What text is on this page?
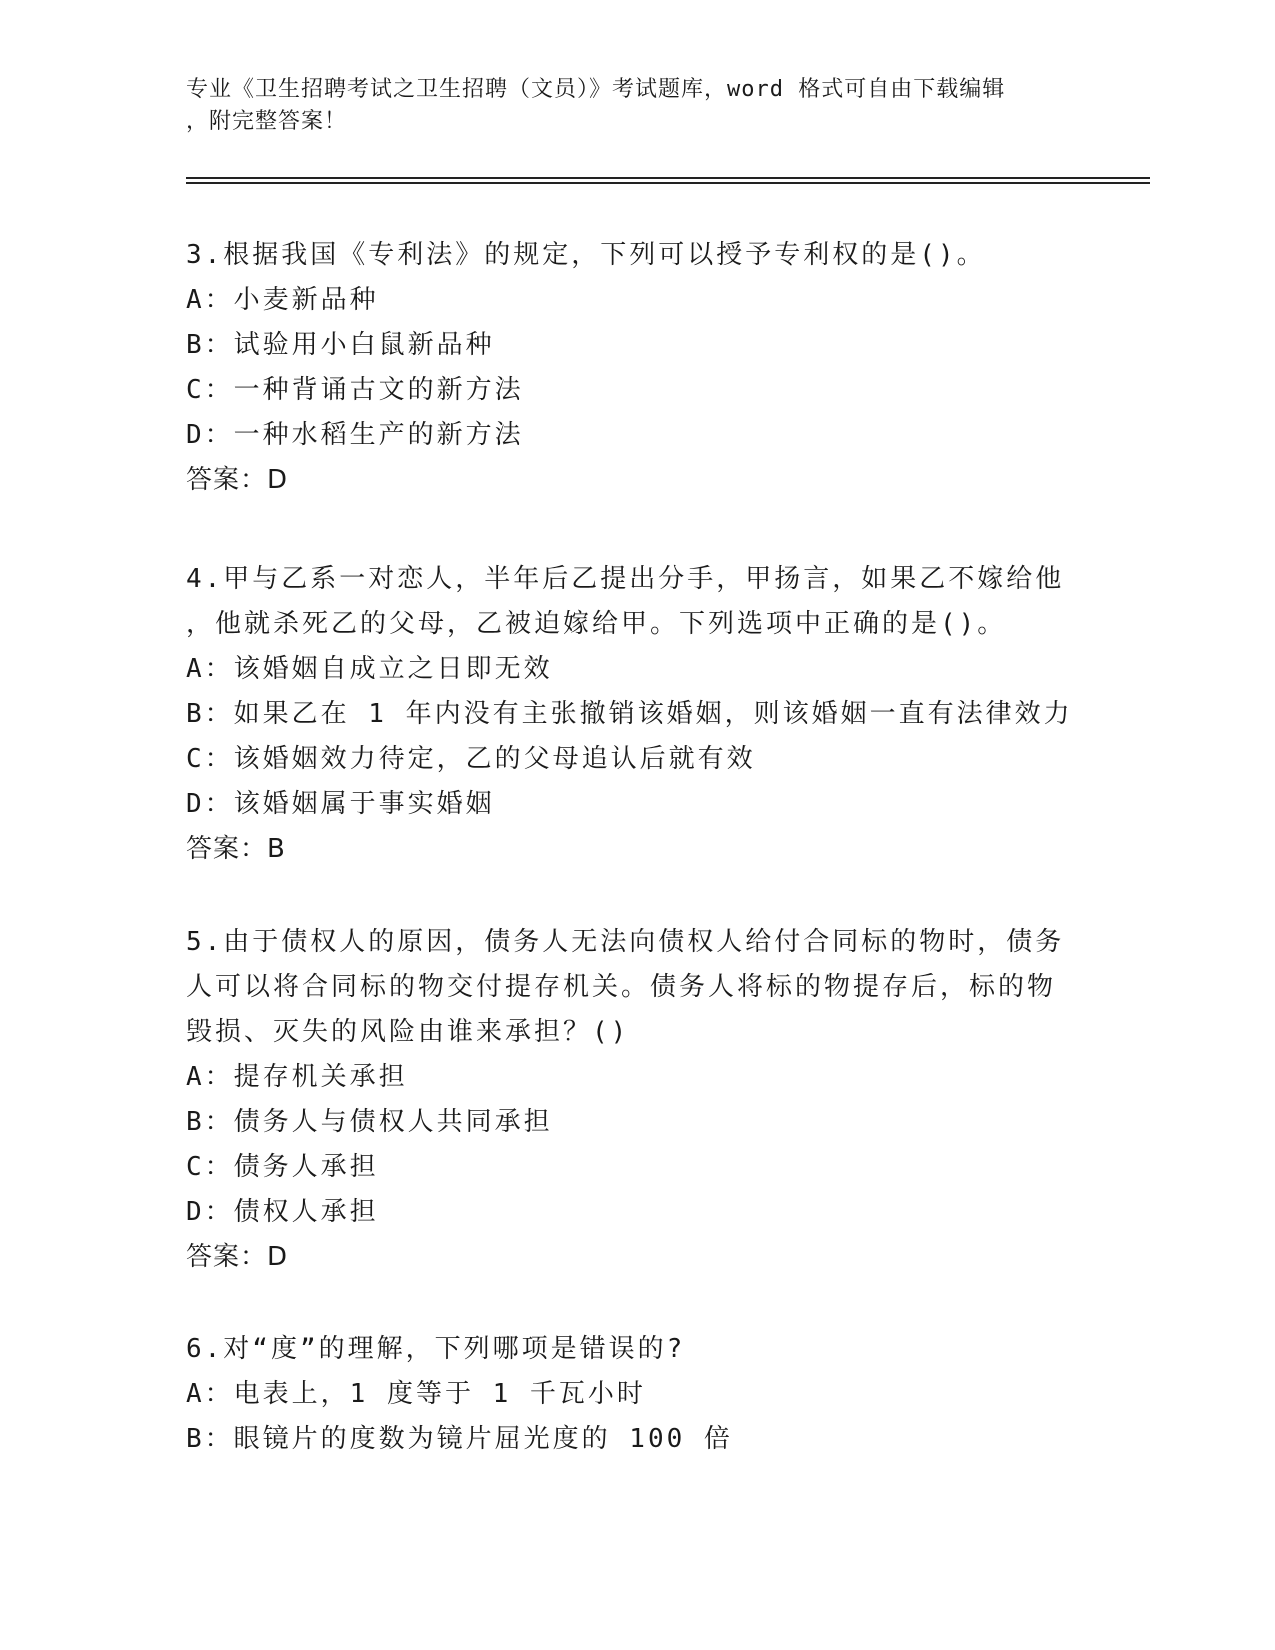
专业《卫生招聘考试之卫生招聘（文员）》考试题库，word 格式可自由下载编辑
，附完整答案！
3.根据我国《专利法》的规定，下列可以授予专利权的是()。
A：小麦新品种
B：试验用小白鼠新品种
C：一种背诵古文的新方法
D：一种水稻生产的新方法
答案：D
4.甲与乙系一对恋人，半年后乙提出分手，甲扬言，如果乙不嫁给他
，他就杀死乙的父母，乙被迫嫁给甲。下列选项中正确的是()。
A：该婚姻自成立之日即无效
B：如果乙在 1 年内没有主张撤销该婚姻，则该婚姻一直有法律效力
C：该婚姻效力待定，乙的父母追认后就有效
D：该婚姻属于事实婚姻
答案：B
5.由于债权人的原因，债务人无法向债权人给付合同标的物时，债务
人可以将合同标的物交付提存机关。债务人将标的物提存后，标的物
毁损、灭失的风险由谁来承担？()
A：提存机关承担
B：债务人与债权人共同承担
C：债务人承担
D：债权人承担
答案：D
6.对“度”的理解，下列哪项是错误的?
A：电表上，1 度等于 1 千瓦小时
B：眼镜片的度数为镜片屈光度的 100 倍
